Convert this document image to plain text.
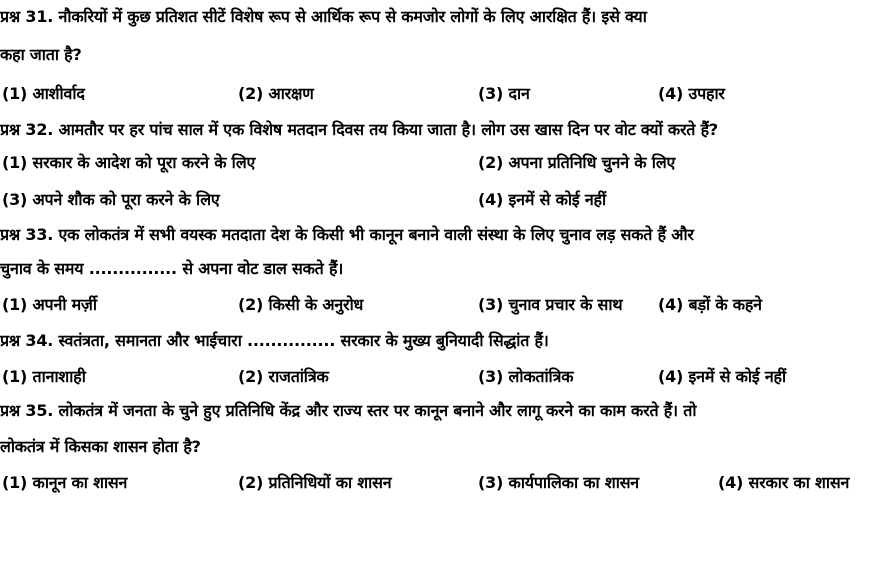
प्रश्न 31. नौकरियों में कुछ प्रतिशत सीटें विशेष रूप से आर्थिक रूप से कमजोर लोगों के लिए आरक्षित हैं। इसे क्या
कहा जाता है?
(1) आशीर्वाद	(2) आरक्षण	(3) दान	(4) उपहार
प्रश्न 32. आमतौर पर हर पांच साल में एक विशेष मतदान दिवस तय किया जाता है। लोग उस खास दिन पर वोट क्यों करते हैं?
(1) सरकार के आदेश को पूरा करने के लिए	(2) अपना प्रतिनिधि चुनने के लिए
(3) अपने शौक को पूरा करने के लिए	(4) इनमें से कोई नहीं
प्रश्न 33. एक लोकतंत्र में सभी वयस्क मतदाता देश के किसी भी कानून बनाने वाली संस्था के लिए चुनाव लड़ सकते हैं और
चुनाव के समय ............... से अपना वोट डाल सकते हैं।
(1) अपनी मर्ज़ी	(2) किसी के अनुरोध	(3) चुनाव प्रचार के साथ (4) बड़ों के कहने
प्रश्न 34. स्वतंत्रता, समानता और भाईचारा ............... सरकार के मुख्य बुनियादी सिद्धांत हैं।
(1) तानाशाही	(2) राजतांत्रिक	(3) लोकतांत्रिक	(4) इनमें से कोई नहीं
प्रश्न 35. लोकतंत्र में जनता के चुने हुए प्रतिनिधि केंद्र और राज्य स्तर पर कानून बनाने और लागू करने का काम करते हैं। तो
लोकतंत्र में किसका शासन होता है?
(1) कानून का शासन	(2) प्रतिनिधियों का शासन	(3) कार्यपालिका का शासन	(4) सरकार का शासन
